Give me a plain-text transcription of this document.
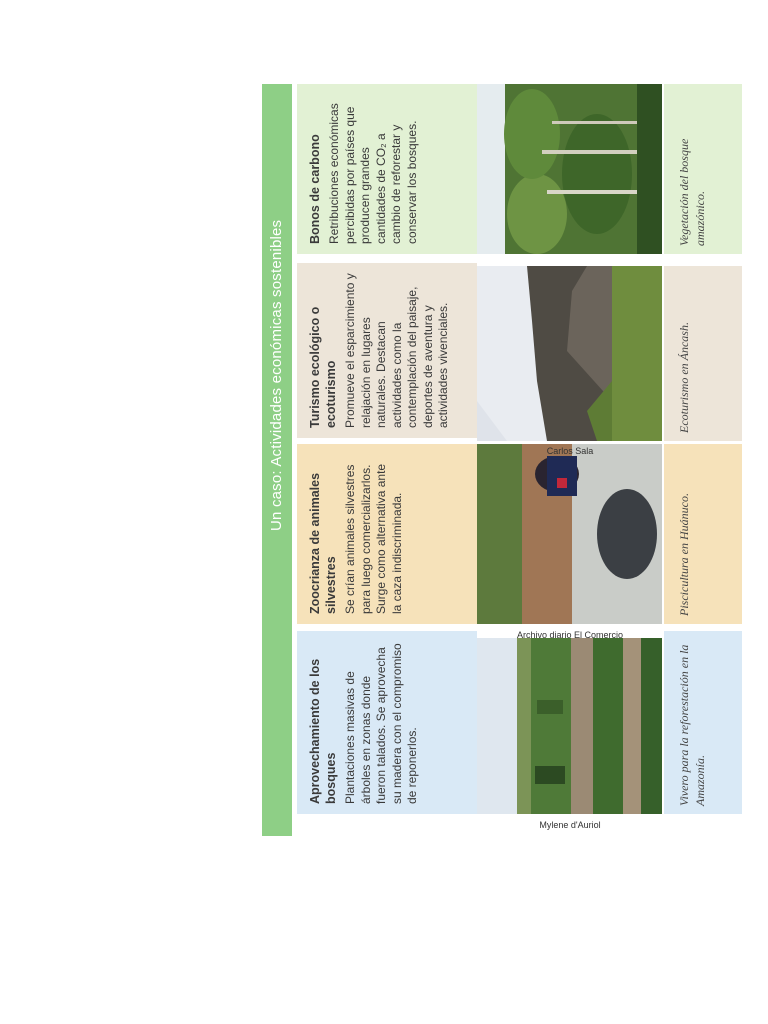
Un caso: Actividades económicas sostenibles
Aprovechamiento de los bosques Plantaciones masivas de árboles en zonas donde fueron talados. Se aprovecha su madera con el compromiso de reponerlos.
Mylene d'Auriol
Vivero para la reforestación en la Amazonía.
Zoocrianza de animales silvestres Se crían animales silvestres para luego comercializarlos. Surge como alternativa ante la caza indiscriminada.
Archivo diario El Comercio
Piscicultura en Huánuco.
Turismo ecológico o ecoturismo Promueve el esparcimiento y relajación en lugares naturales. Destacan actividades como la contemplación del paisaje, deportes de aventura y actividades vivenciales.
Carlos Sala
Ecoturismo en Áncash.
Bonos de carbono Retribuciones económicas percibidas por países que producen grandes cantidades de CO₂ a cambio de reforestar y conservar los bosques.	Vegetación del bosque amazónico.
